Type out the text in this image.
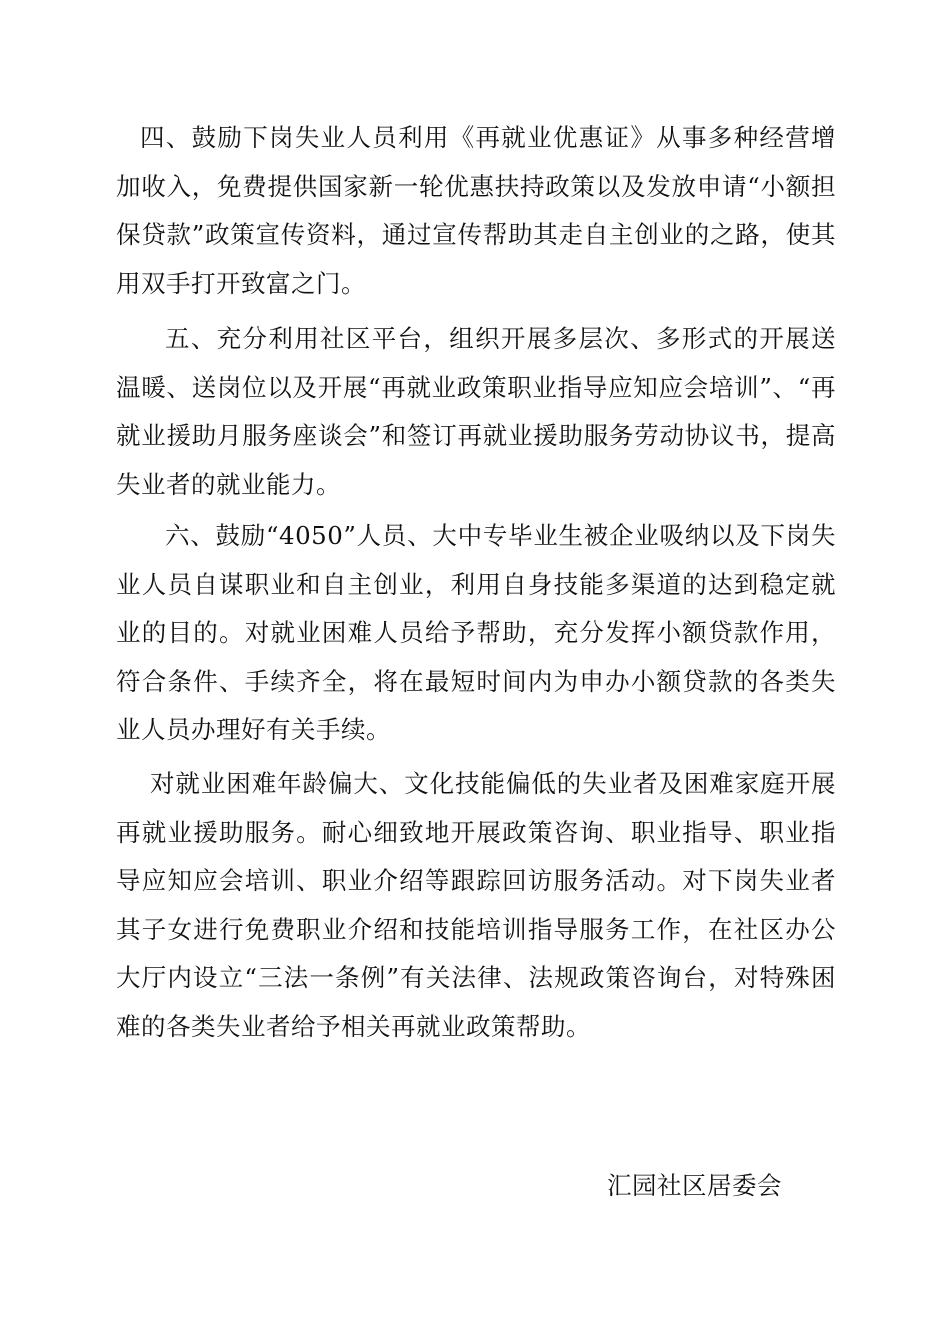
四、鼓励下岗失业人员利用《再就业优惠证》从事多种经营增加收入，免费提供国家新一轮优惠扶持政策以及发放申请“小额担保贷款”政策宣传资料，通过宣传帮助其走自主创业的之路，使其用双手打开致富之门。

五、充分利用社区平台，组织开展多层次、多形式的开展送温暖、送岗位以及开展“再就业政策职业指导应知应会培训”、“再就业援助月服务座谈会”和签订再就业援助服务劳动协议书，提高失业者的就业能力。

六、鼓励“4050”人员、大中专毕业生被企业吸纳以及下岗失业人员自谋职业和自主创业，利用自身技能多渠道的达到稳定就业的目的。对就业困难人员给予帮助，充分发挥小额贷款作用，符合条件、手续齐全，将在最短时间内为申办小额贷款的各类失业人员办理好有关手续。

对就业困难年龄偏大、文化技能偏低的失业者及困难家庭开展再就业援助服务。耐心细致地开展政策咨询、职业指导、职业指导应知应会培训、职业介绍等跟踪回访服务活动。对下岗失业者其子女进行免费职业介绍和技能培训指导服务工作，在社区办公大厅内设立“三法一条例”有关法律、法规政策咨询台，对特殊困难的各类失业者给予相关再就业政策帮助。

汇园社区居委会
